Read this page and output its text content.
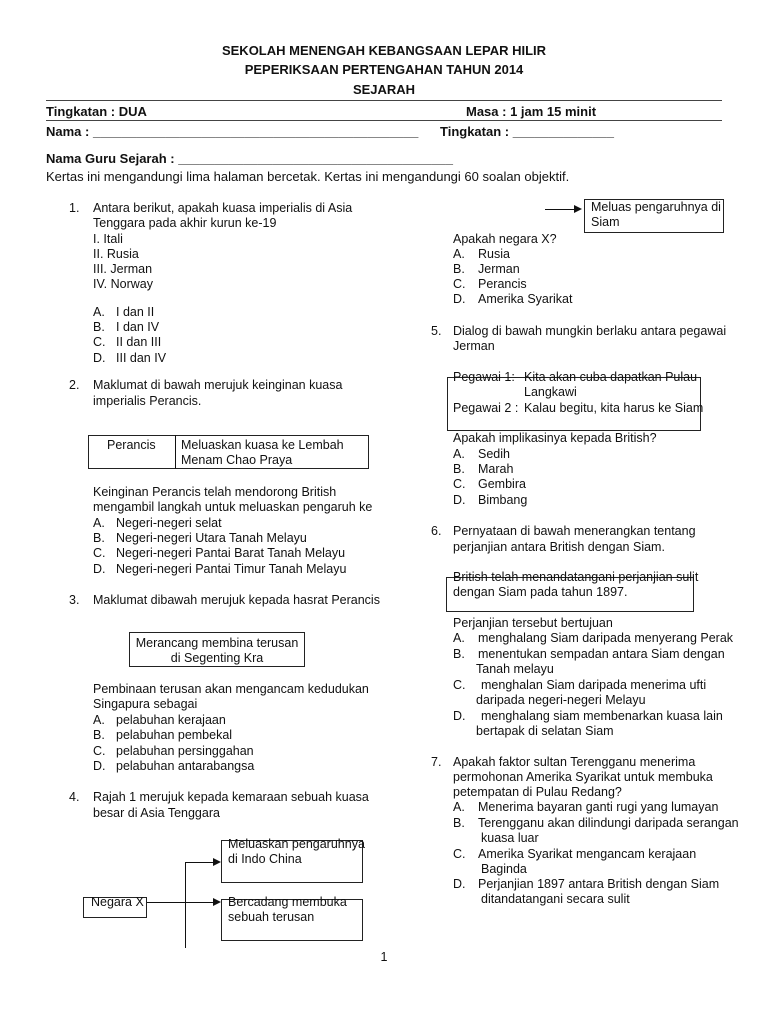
SEKOLAH MENENGAH KEBANGSAAN LEPAR HILIR
PEPERIKSAAN PERTENGAHAN TAHUN 2014
SEJARAH
Tingkatan : DUA	Masa : 1 jam 15 minit
Nama : _____________________________________________ Tingkatan : ______________
Nama Guru Sejarah : ______________________________________
Kertas ini mengandungi lima halaman bercetak. Kertas ini mengandungi 60 soalan objektif.
1. Antara berikut, apakah kuasa imperialis di Asia
Tenggara pada akhir kurun ke-19
I. Itali
II. Rusia
III. Jerman
IV. Norway
A. I dan II
B. I dan IV
C. II dan III
D. III dan IV
2. Maklumat di bawah merujuk keinginan kuasa
imperialis Perancis.
Perancis Meluaskan kuasa ke Lembah
Menam Chao Praya
Keinginan Perancis telah mendorong British
mengambil langkah untuk meluaskan pengaruh ke
A. Negeri-negeri selat
B. Negeri-negeri Utara Tanah Melayu
C. Negeri-negeri Pantai Barat Tanah Melayu
D. Negeri-negeri Pantai Timur Tanah Melayu
3. Maklumat dibawah merujuk kepada hasrat Perancis
Merancang membina terusan
di Segenting Kra
Pembinaan terusan akan mengancam kedudukan
Singapura sebagai
A. pelabuhan kerajaan
B. pelabuhan pembekal
C. pelabuhan persinggahan
D. pelabuhan antarabangsa
4. Rajah 1 merujuk kepada kemaraan sebuah kuasa
besar di Asia Tenggara
Meluaskan pengaruhnya
di Indo China
Bercadang membuka
sebuah terusan
Negara X
Meluas pengaruhnya di
Siam
Apakah negara X?
A. Rusia
B. Jerman
C. Perancis
D. Amerika Syarikat
5. Dialog di bawah mungkin berlaku antara pegawai
Jerman
Pegawai 1: Kita akan cuba dapatkan Pulau
Langkawi
Pegawai 2 : Kalau begitu, kita harus ke Siam
Apakah implikasinya kepada British?
A. Sedih
B. Marah
C. Gembira
D. Bimbang
6. Pernyataan di bawah menerangkan tentang
perjanjian antara British dengan Siam.
British telah menandatangani perjanjian sulit
dengan Siam pada tahun 1897.
Perjanjian tersebut bertujuan
A. menghalang Siam daripada menyerang Perak
B. menentukan sempadan antara Siam dengan
Tanah melayu
C. menghalan Siam daripada menerima ufti
daripada negeri-negeri Melayu
D. menghalang siam membenarkan kuasa lain
bertapak di selatan Siam
7. Apakah faktor sultan Terengganu menerima
permohonan Amerika Syarikat untuk membuka
petempatan di Pulau Redang?
A. Menerima bayaran ganti rugi yang lumayan
B. Terengganu akan dilindungi daripada serangan
kuasa luar
C. Amerika Syarikat mengancam kerajaan
Baginda
D. Perjanjian 1897 antara British dengan Siam
ditandatangani secara sulit
1
